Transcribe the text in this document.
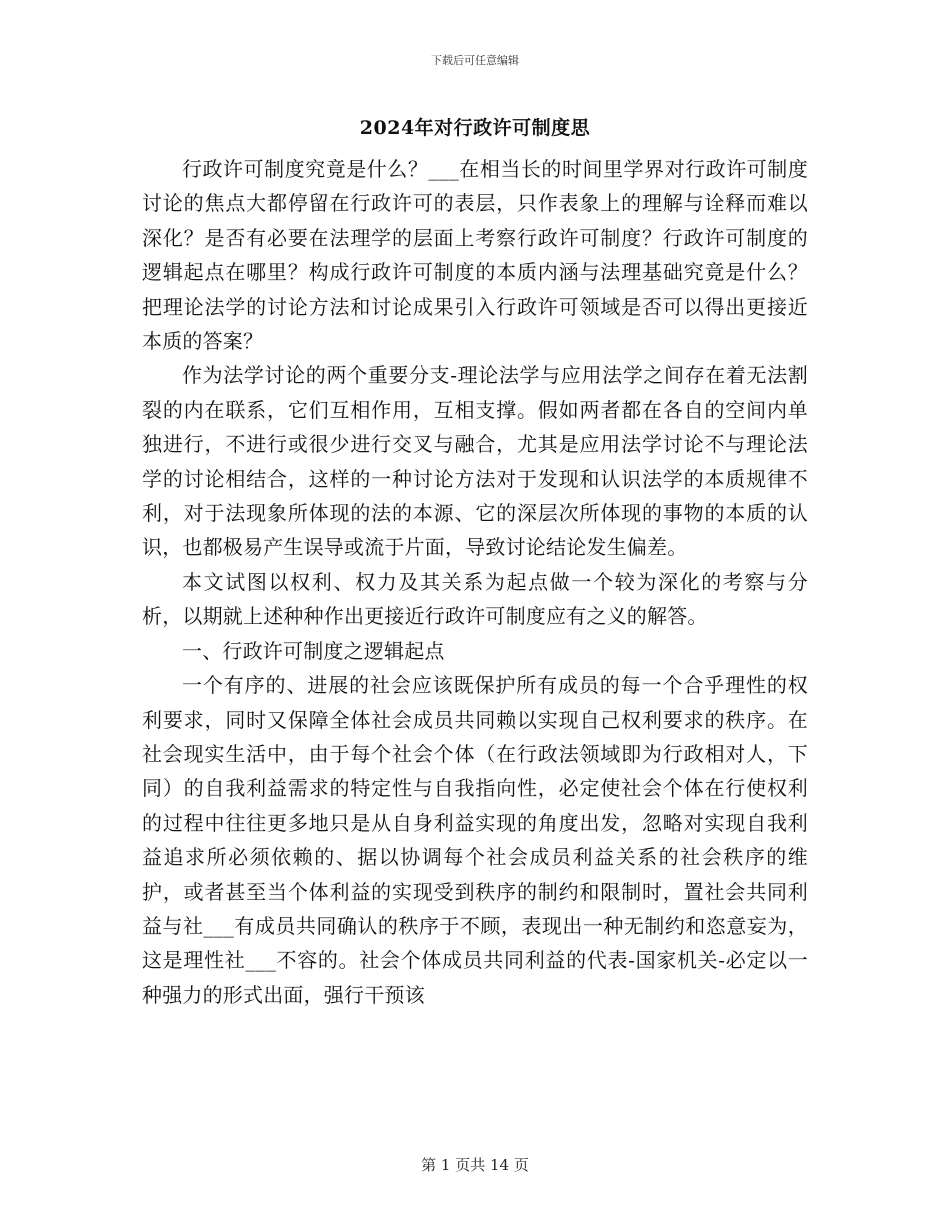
下载后可任意编辑
2024年对行政许可制度思

行政许可制度究竟是什么？___在相当长的时间里学界对行政许可制度讨论的焦点大都停留在行政许可的表层，只作表象上的理解与诠释而难以深化？是否有必要在法理学的层面上考察行政许可制度？行政许可制度的逻辑起点在哪里？构成行政许可制度的本质内涵与法理基础究竟是什么？把理论法学的讨论方法和讨论成果引入行政许可领域是否可以得出更接近本质的答案？

作为法学讨论的两个重要分支-理论法学与应用法学之间存在着无法割裂的内在联系，它们互相作用，互相支撑。假如两者都在各自的空间内单独进行，不进行或很少进行交叉与融合，尤其是应用法学讨论不与理论法学的讨论相结合，这样的一种讨论方法对于发现和认识法学的本质规律不利，对于法现象所体现的法的本源、它的深层次所体现的事物的本质的认识，也都极易产生误导或流于片面，导致讨论结论发生偏差。

本文试图以权利、权力及其关系为起点做一个较为深化的考察与分析，以期就上述种种作出更接近行政许可制度应有之义的解答。

一、行政许可制度之逻辑起点

一个有序的、进展的社会应该既保护所有成员的每一个合乎理性的权利要求，同时又保障全体社会成员共同赖以实现自己权利要求的秩序。在社会现实生活中，由于每个社会个体（在行政法领域即为行政相对人，下同）的自我利益需求的特定性与自我指向性，必定使社会个体在行使权利的过程中往往更多地只是从自身利益实现的角度出发，忽略对实现自我利益追求所必须依赖的、据以协调每个社会成员利益关系的社会秩序的维护，或者甚至当个体利益的实现受到秩序的制约和限制时，置社会共同利益与社___有成员共同确认的秩序于不顾，表现出一种无制约和恣意妄为，这是理性社___不容的。社会个体成员共同利益的代表-国家机关-必定以一种强力的形式出面，强行干预该

第 1 页共 14 页
